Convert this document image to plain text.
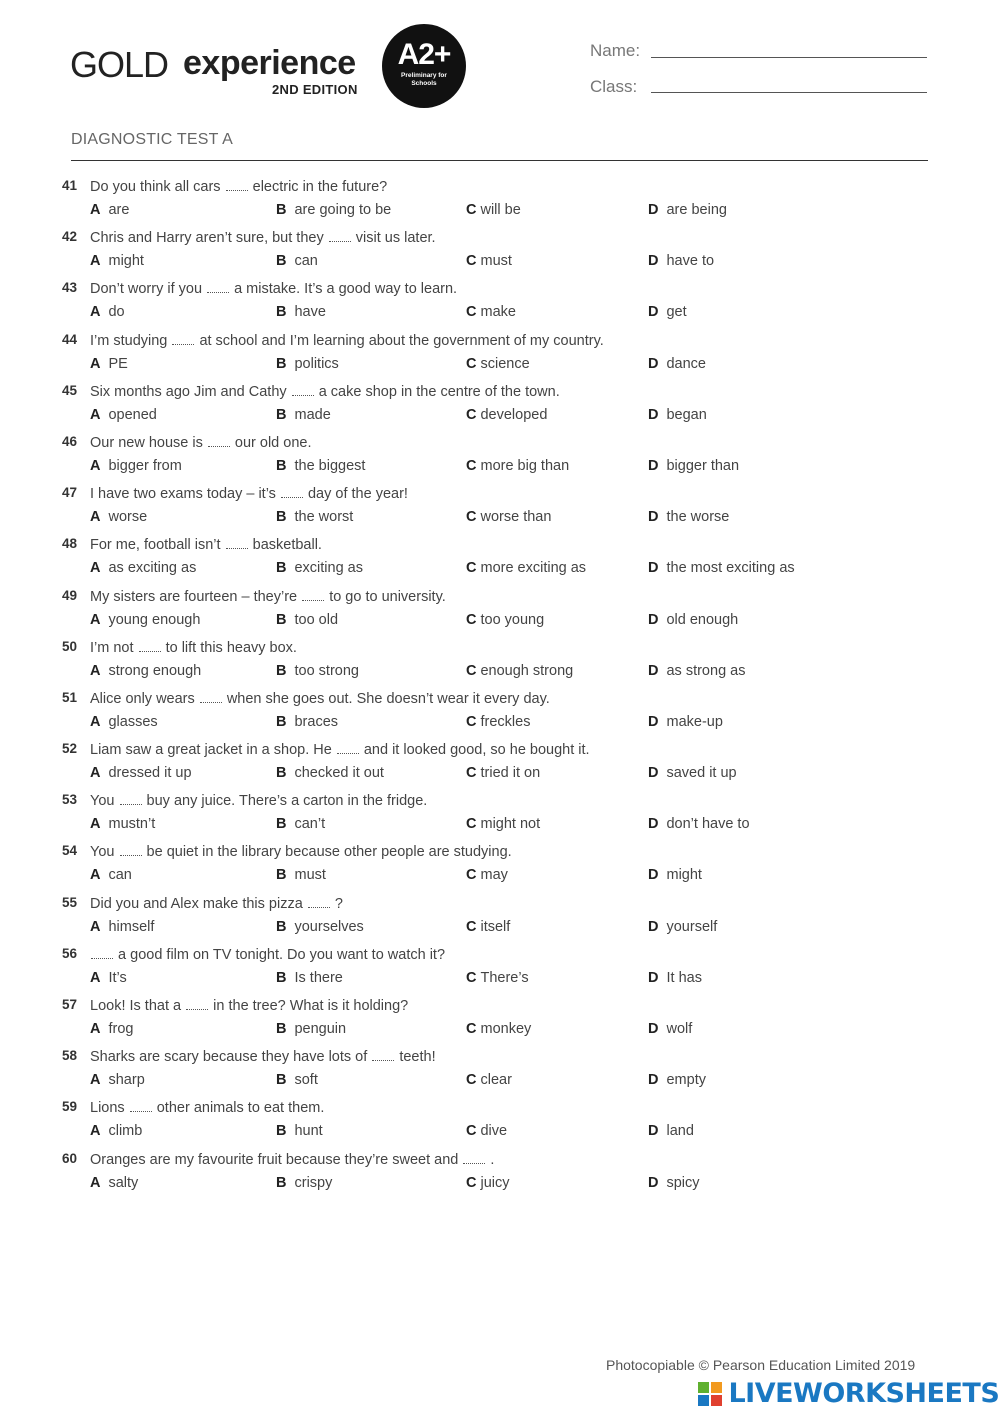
GOLD experience
2ND EDITION
A2+
Preliminary for Schools
Name:
Class:
DIAGNOSTIC TEST A
41 Do you think all cars electric in the future?
A are	B are going to be	C will be	D are being
42 Chris and Harry aren’t sure, but they visit us later.
A might	B can	C must	D have to
43 Don’t worry if you a mistake. It’s a good way to learn.
A do	B have	C make	D get
44 I’m studying at school and I’m learning about the government of my country.
A PE	B politics	C science	D dance
45 Six months ago Jim and Cathy a cake shop in the centre of the town.
A opened	B made	C developed	D began
46 Our new house is our old one.
A bigger from	B the biggest	C more big than	D bigger than
47 I have two exams today – it’s day of the year!
A worse	B the worst	C worse than	D the worse
48 For me, football isn’t basketball.
A as exciting as	B exciting as	C more exciting as	D the most exciting as
49 My sisters are fourteen – they’re to go to university.
A young enough	B too old	C too young	D old enough
50 I’m not to lift this heavy box.
A strong enough	B too strong	C enough strong	D as strong as
51 Alice only wears when she goes out. She doesn’t wear it every day.
A glasses	B braces	C freckles	D make-up
52 Liam saw a great jacket in a shop. He and it looked good, so he bought it.
A dressed it up	B checked it out	C tried it on	D saved it up
53 You buy any juice. There’s a carton in the fridge.
A mustn’t	B can’t	C might not	D don’t have to
54 You be quiet in the library because other people are studying.
A can	B must	C may	D might
55 Did you and Alex make this pizza ?
A himself	B yourselves	C itself	D yourself
56	a good film on TV tonight. Do you want to watch it?
A It’s	B Is there	C There’s	D It has
57 Look! Is that a in the tree? What is it holding?
A frog	B penguin	C monkey	D wolf
58 Sharks are scary because they have lots of teeth!
A sharp	B soft	C clear	D empty
59 Lions other animals to eat them.
A climb	B hunt	C dive	D land
60 Oranges are my favourite fruit because they’re sweet and .
A salty	B crispy	C juicy	D spicy
Photocopiable © Pearson Education Limited 2019
LIVEWORKSHEETS
